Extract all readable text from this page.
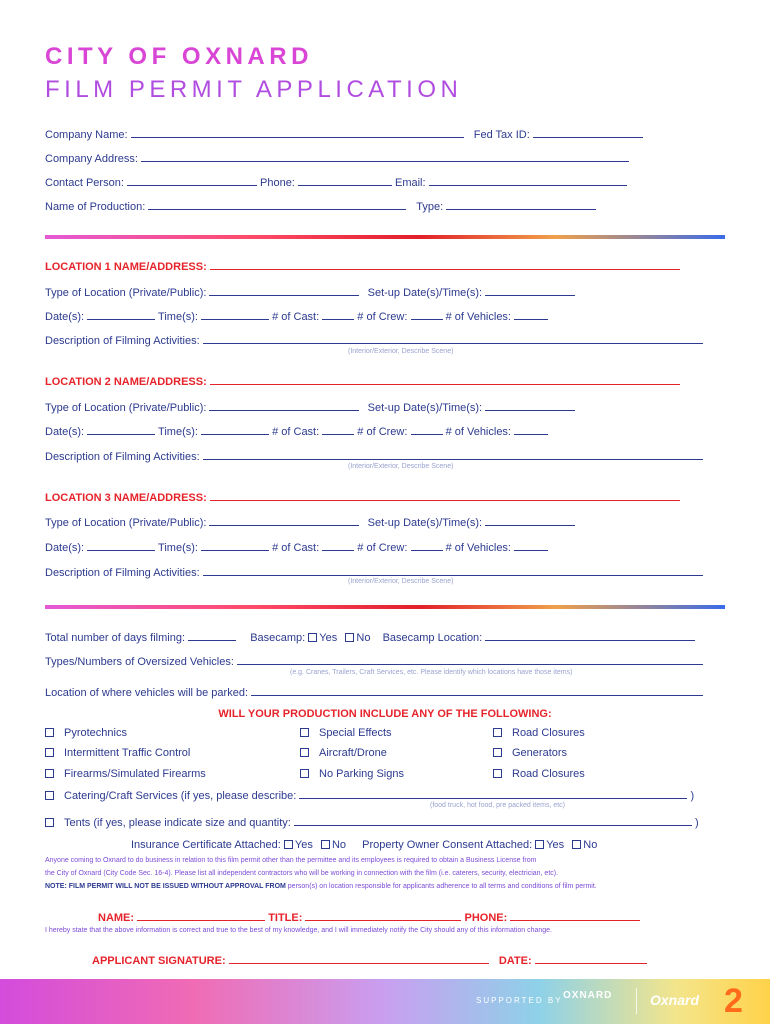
CITY OF OXNARD
FILM PERMIT APPLICATION
Company Name:	Fed Tax ID:
Company Address:
Contact Person:	Phone:	Email:
Name of Production:	Type:
LOCATION 1 NAME/ADDRESS:
Type of Location (Private/Public):	Set-up Date(s)/Time(s):
Date(s):	Time(s):	# of Cast:	# of Crew:	# of Vehicles:
Description of Filming Activities:
(Interior/Exterior, Describe Scene)
LOCATION 2 NAME/ADDRESS:
Type of Location (Private/Public):	Set-up Date(s)/Time(s):
Date(s):	Time(s):	# of Cast:	# of Crew:	# of Vehicles:
Description of Filming Activities:
(Interior/Exterior, Describe Scene)
LOCATION 3 NAME/ADDRESS:
Type of Location (Private/Public):	Set-up Date(s)/Time(s):
Date(s):	Time(s):	# of Cast:	# of Crew:	# of Vehicles:
Description of Filming Activities:
(Interior/Exterior, Describe Scene)
Total number of days filming:	Basecamp: Yes No Basecamp Location:
Types/Numbers of Oversized Vehicles:
(e.g. Cranes, Trailers, Craft Services, etc. Please identify which locations have those items)
Location of where vehicles will be parked:
WILL YOUR PRODUCTION INCLUDE ANY OF THE FOLLOWING:
Pyrotechnics
Intermittent Traffic Control
Firearms/Simulated Firearms
Special Effects
Aircraft/Drone
No Parking Signs
Road Closures
Generators
Road Closures
Catering/Craft Services (if yes, please describe:	)
(food truck, hot food, pre packed items, etc)
Tents (if yes, please indicate size and quantity:	)
Insurance Certificate Attached: Yes No Property Owner Consent Attached: Yes No
Anyone coming to Oxnard to do business in relation to this film permit other than the permittee and its employees is required to obtain a Business License from
the City of Oxnard (City Code Sec. 16-4). Please list all independent contractors who will be working in connection with the film (i.e. caterers, security, electrician, etc).
NOTE: FILM PERMIT WILL NOT BE ISSUED WITHOUT APPROVAL FROM person(s) on location responsible for applicants adherence to all terms and conditions of film permit.
NAME:	TITLE:	PHONE:
I hereby state that the above information is correct and true to the best of my knowledge, and I will immediately notify the City should any of this information change.
APPLICANT SIGNATURE:	DATE:
SUPPORTED BY OXNARD	Oxnard 2
